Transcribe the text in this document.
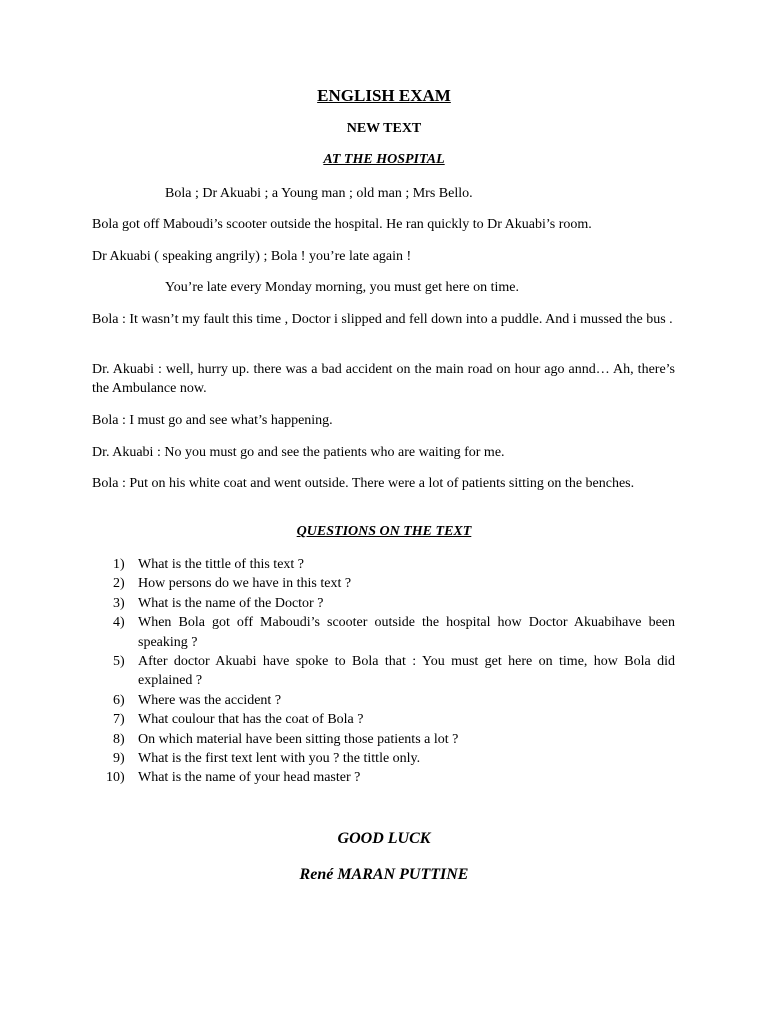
ENGLISH EXAM
NEW TEXT
AT THE HOSPITAL

Bola ; Dr Akuabi ; a Young man ; old man ; Mrs Bello.

Bola got off Maboudi’s scooter outside the hospital. He ran quickly to Dr Akuabi’s room.

Dr Akuabi ( speaking angrily) ; Bola ! you’re late again !

You’re late every Monday morning, you must get here on time.

Bola : It wasn’t my fault this time , Doctor i slipped and fell down into a puddle. And i mussed the bus .

Dr. Akuabi : well, hurry up. there was a bad accident on the main road on hour ago annd… Ah, there’s the Ambulance now.

Bola : I must go and see what’s happening.

Dr. Akuabi : No you must go and see the patients who are waiting for me.

Bola : Put on his white coat and went outside. There were a lot of patients sitting on the benches.

QUESTIONS ON THE TEXT
1) What is the tittle of this text ?
2) How persons do we have in this text ?
3) What is the name of the Doctor ?
4) When Bola got off Maboudi’s scooter outside the hospital how Doctor Akuabihave been speaking ?
5) After doctor Akuabi have spoke to Bola that : You must get here on time, how Bola did explained ?
6) Where was the accident ?
7) What coulour that has the coat of Bola ?
8) On which material have been sitting those patients a lot ?
9) What is the first text lent with you ? the tittle only.
10) What is the name of your head master ?

GOOD LUCK

René MARAN PUTTINE
